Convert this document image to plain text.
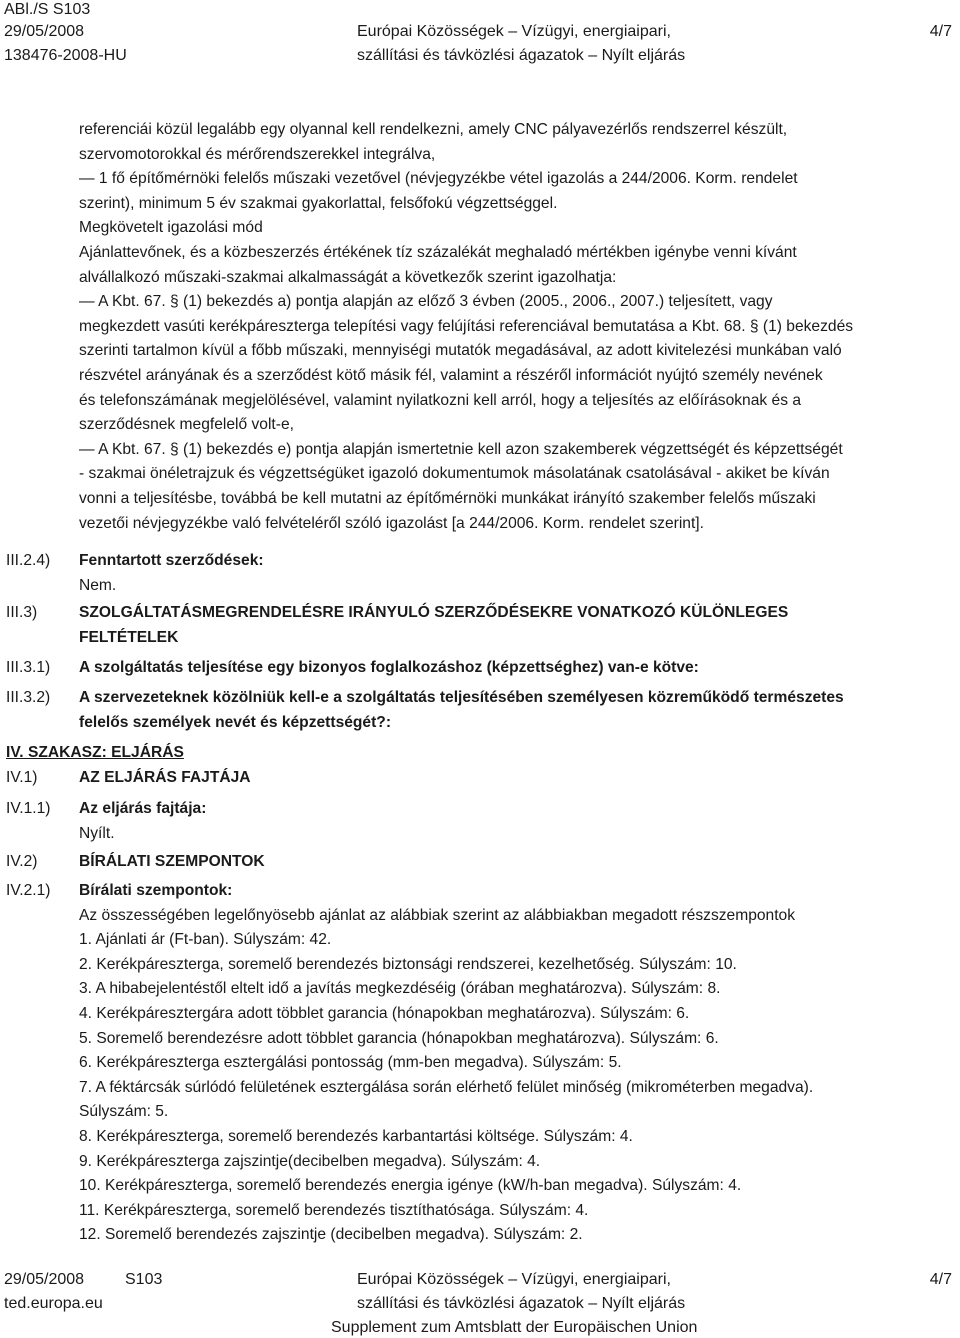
ABl./S S103
29/05/2008
138476-2008-HU
Európai Közösségek – Vízügyi, energiaipari,
szállítási és távközlési ágazatok – Nyílt eljárás
4/7
referenciái közül legalább egy olyannal kell rendelkezni, amely CNC pályavezérlős rendszerrel készült,
szervomotorokkal és mérőrendszerekkel integrálva,
— 1 fő építőmérnöki felelős műszaki vezetővel (névjegyzékbe vétel igazolás a 244/2006. Korm. rendelet
szerint), minimum 5 év szakmai gyakorlattal, felsőfokú végzettséggel.
Megkövetelt igazolási mód
Ajánlattevőnek, és a közbeszerzés értékének tíz százalékát meghaladó mértékben igénybe venni kívánt
alvállalkozó műszaki-szakmai alkalmasságát a következők szerint igazolhatja:
— A Kbt. 67. § (1) bekezdés a) pontja alapján az előző 3 évben (2005., 2006., 2007.) teljesített, vagy
megkezdett vasúti kerékpáreszterga telepítési vagy felújítási referenciával bemutatása a Kbt. 68. § (1) bekezdés
szerinti tartalmon kívül a főbb műszaki, mennyiségi mutatók megadásával, az adott kivitelezési munkában való
részvétel arányának és a szerződést kötő másik fél, valamint a részéről információt nyújtó személy nevének
és telefonszámának megjelölésével, valamint nyilatkozni kell arról, hogy a teljesítés az előírásoknak és a
szerződésnek megfelelő volt-e,
— A Kbt. 67. § (1) bekezdés e) pontja alapján ismertetnie kell azon szakemberek végzettségét és képzettségét
- szakmai önéletrajzuk és végzettségüket igazoló dokumentumok másolatának csatolásával - akiket be kíván
vonni a teljesítésbe, továbbá be kell mutatni az építőmérnöki munkákat irányító szakember felelős műszaki
vezetői névjegyzékbe való felvételéről szóló igazolást [a 244/2006. Korm. rendelet szerint].
III.2.4) Fenntartott szerződések:
Nem.
III.3)	SZOLGÁLTATÁSMEGRENDELÉSRE IRÁNYULÓ SZERZŐDÉSEKRE VONATKOZÓ KÜLÖNLEGES
FELTÉTELEK
III.3.1) A szolgáltatás teljesítése egy bizonyos foglalkozáshoz (képzettséghez) van-e kötve:
III.3.2) A szervezeteknek közölniük kell-e a szolgáltatás teljesítésében személyesen közreműködő természetes
felelős személyek nevét és képzettségét?:
IV. SZAKASZ: ELJÁRÁS
IV.1)	AZ ELJÁRÁS FAJTÁJA
IV.1.1) Az eljárás fajtája:
Nyílt.
IV.2)	BÍRÁLATI SZEMPONTOK
IV.2.1) Bírálati szempontok:
Az összességében legelőnyösebb ajánlat az alábbiak szerint az alábbiakban megadott részszempontok
1. Ajánlati ár (Ft-ban). Súlyszám: 42.
2. Kerékpáreszterga, soremelő berendezés biztonsági rendszerei, kezelhetőség. Súlyszám: 10.
3. A hibabejelentéstől eltelt idő a javítás megkezdéséig (órában meghatározva). Súlyszám: 8.
4. Kerékpáresztergára adott többlet garancia (hónapokban meghatározva). Súlyszám: 6.
5. Soremelő berendezésre adott többlet garancia (hónapokban meghatározva). Súlyszám: 6.
6. Kerékpáreszterga esztergálási pontosság (mm-ben megadva). Súlyszám: 5.
7. A féktárcsák súrlódó felületének esztergálása során elérhető felület minőség (mikrométerben megadva).
Súlyszám: 5.
8. Kerékpáreszterga, soremelő berendezés karbantartási költsége. Súlyszám: 4.
9. Kerékpáreszterga zajszintje(decibelben megadva). Súlyszám: 4.
10. Kerékpáreszterga, soremelő berendezés energia igénye (kW/h-ban megadva). Súlyszám: 4.
11. Kerékpáreszterga, soremelő berendezés tisztíthatósága. Súlyszám: 4.
12. Soremelő berendezés zajszintje (decibelben megadva). Súlyszám: 2.
29/05/2008	S103
ted.europa.eu
Európai Közösségek – Vízügyi, energiaipari,
szállítási és távközlési ágazatok – Nyílt eljárás
Supplement zum Amtsblatt der Europäischen Union
4/7
